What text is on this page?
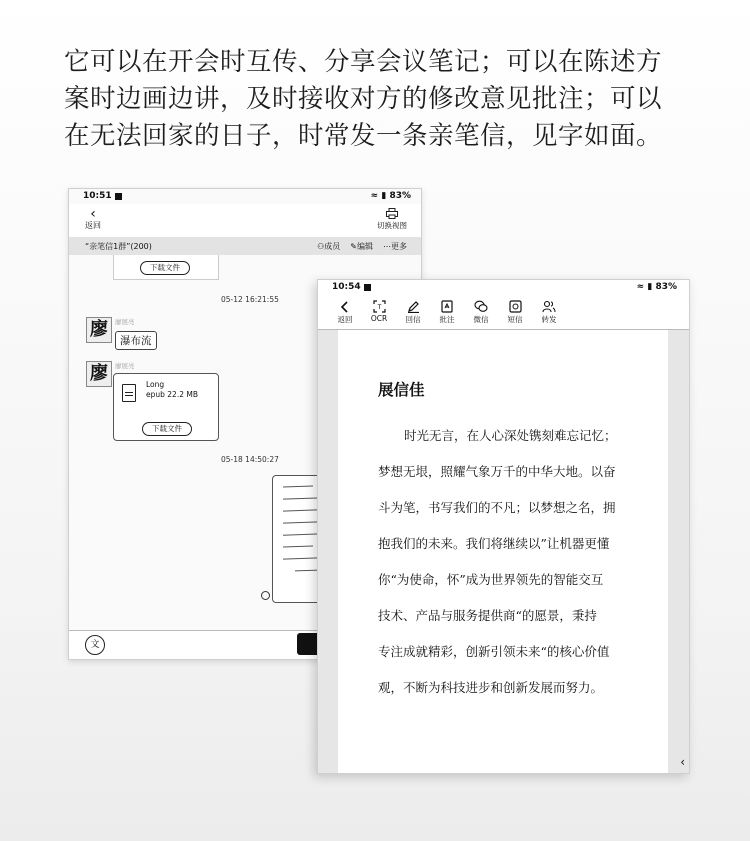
它可以在开会时互传、分享会议笔记；可以在陈述方
案时边画边讲，及时接收对方的修改意见批注；可以
在无法回家的日子，时常发一条亲笔信，见字如面。
10:51	≈ ▮ 83%
‹
返回	切换视图
“亲笔信1群”(200)	⚇成员 ✎编辑 ⋯更多
下载文件
05-12 16:21:55
廖	廖展亮
瀑布流
廖	廖展亮
Long
epub 22.2 MB
下载文件
05-18 14:50:27
文
10:54	≈ ▮ 83%
返回
T
OCR	回信	批注	微信	短信	转发
展信佳
时光无言，在人心深处镌刻难忘记忆；
梦想无垠，照耀气象万千的中华大地。以奋
斗为笔，书写我们的不凡；以梦想之名，拥
抱我们的未来。我们将继续以”让机器更懂
你“为使命，怀”成为世界领先的智能交互
技术、产品与服务提供商“的愿景，秉持
专注成就精彩，创新引领未来“的核心价值
观，不断为科技进步和创新发展而努力。
‹
